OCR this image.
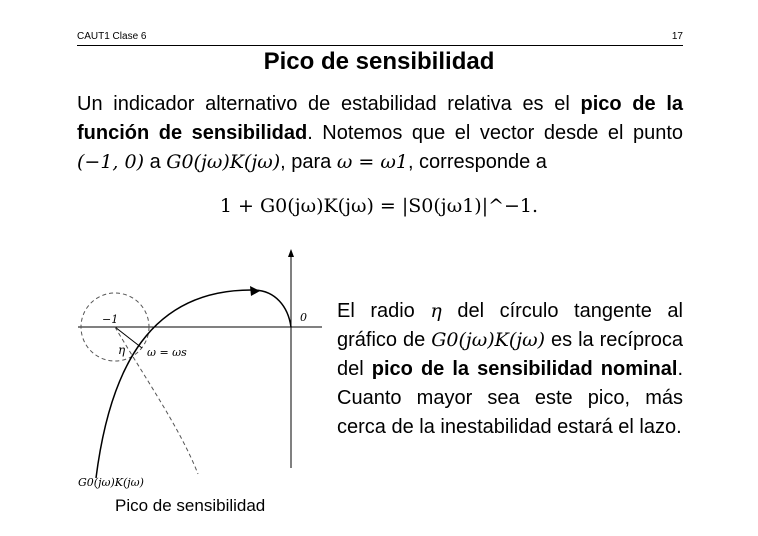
CAUT1 Clase 6	17
Pico de sensibilidad
Un indicador alternativo de estabilidad relativa es el pico de la función de sensibilidad. Notemos que el vector desde el punto (−1, 0) a G0(jω)K(jω), para ω = ω1, corresponde a
1 + G0(jω)K(jω) = |S0(jω1)|^−1.
−1	0
η ω = ωs
G0(jω)K(jω)
Pico de sensibilidad
El radio η del círculo tangente al gráfico de G0(jω)K(jω) es la recíproca del pico de la sensibilidad nominal. Cuanto mayor sea este pico, más cerca de la inestabilidad estará el lazo.
